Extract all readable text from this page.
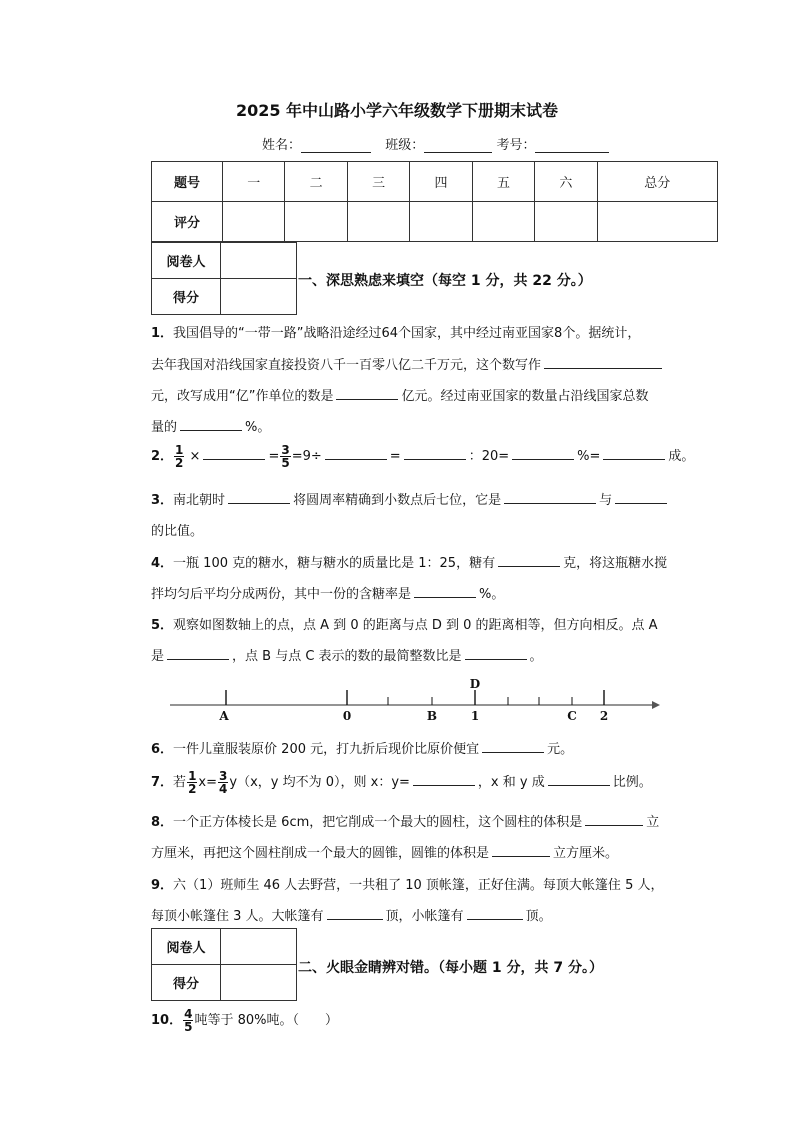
2025 年中山路小学六年级数学下册期末试卷
姓名：	班级：	考号：
题号	一	二	三	四	五	六	总分
评分							
阅卷人	
得分	
一、深思熟虑来填空（每空 1 分，共 22 分。）
1．我国倡导的“一带一路”战略沿途经过64个国家，其中经过南亚国家8个。据统计，
去年我国对沿线国家直接投资八千一百零八亿二千万元，这个数写作
元，改写成用“亿”作单位的数是	亿元。经过南亚国家的数量占沿线国家总数
量的	%。
2． $\frac{1}{2}$ ×	= $\frac{3}{5} =9\div$	=	：20=	%=	成。
3．南北朝时	将圆周率精确到小数点后七位，它是	与
的比值。
4．一瓶 100 克的糖水，糖与糖水的质量比是 1：25，糖有	克，将这瓶糖水搅
拌均匀后平均分成两份，其中一份的含糖率是	%。
5．观察如图数轴上的点，点 A 到 0 的距离与点 D 到 0 的距离相等，但方向相反。点 A
是	，点 B 与点 C 表示的数的最简整数比是	。
A	0	B
D
1	C 2
6．一件儿童服装原价 200 元，打九折后现价比原价便宜	元。
7．若 $\frac{1}{2} x= \frac{3}{4} y(x$，y 均不为 0），则 x：y=	，x 和 y 成	比例。
8．一个正方体棱长是 6cm，把它削成一个最大的圆柱，这个圆柱的体积是	立
方厘米，再把这个圆柱削成一个最大的圆锥，圆锥的体积是	立方厘米。
9．六（1）班师生 46 人去野营，一共租了 10 顶帐篷，正好住满。每顶大帐篷住 5 人，
每顶小帐篷住 3 人。大帐篷有	顶，小帐篷有	顶。
阅卷人	
得分	
二、火眼金睛辨对错。（每小题 1 分，共 7 分。）
10． $\frac{4}{5}$ 吨等于 80%吨。（　　）
